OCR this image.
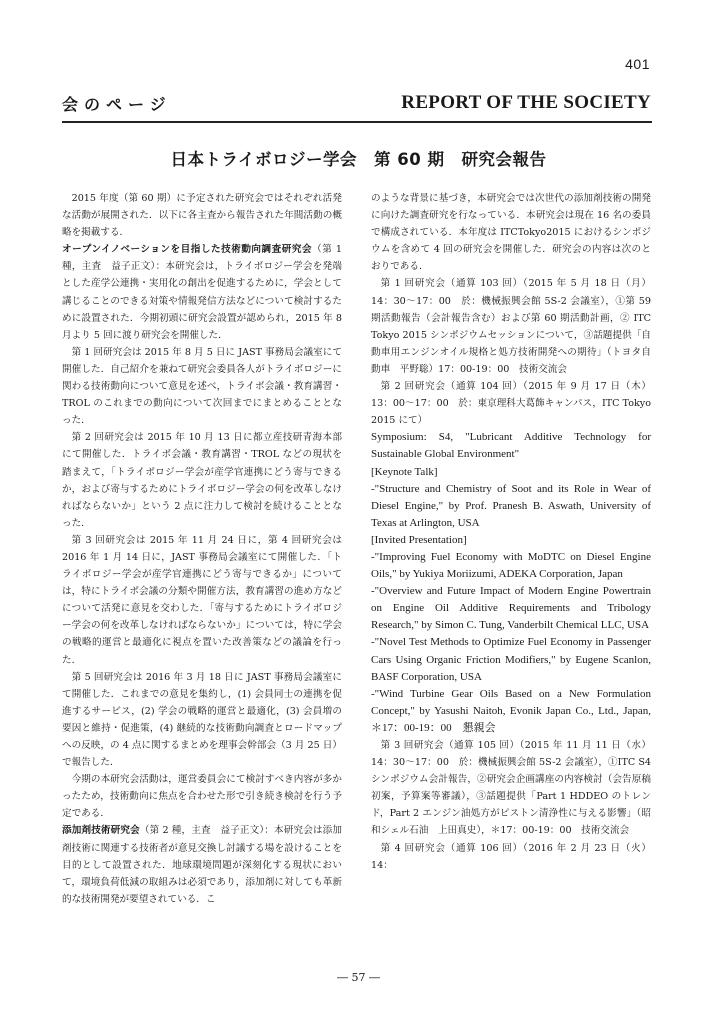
401
会のページ	REPORT OF THE SOCIETY
日本トライボロジー学会　第 60 期　研究会報告

2015 年度（第 60 期）に予定された研究会ではそれぞれ活発な活動が展開された．以下に各主査から報告された年間活動の概略を掲載する．

オープンイノベーションを目指した技術動向調査研究会（第 1 種，主査　益子正文）：本研究会は，トライボロジー学会を発端とした産学公連携・実用化の創出を促進するために，学会として講じることのできる対策や情報発信方法などについて検討するために設置された．今期初頭に研究会設置が認められ，2015 年 8 月より 5 回に渡り研究会を開催した．

第 1 回研究会は 2015 年 8 月 5 日に JAST 事務局会議室にて開催した．自己紹介を兼ねて研究会委員各人がトライボロジーに関わる技術動向について意見を述べ，トライボ会議・教育講習・TROL のこれまでの動向について次回までにまとめることとなった．

第 2 回研究会は 2015 年 10 月 13 日に都立産技研青海本部にて開催した．トライボ会議・教育講習・TROL などの現状を踏まえて，「トライボロジー学会が産学官連携にどう寄与できるか，および寄与するためにトライボロジー学会の何を改革しなければならないか」という 2 点に注力して検討を続けることとなった．

第 3 回研究会は 2015 年 11 月 24 日に，第 4 回研究会は 2016 年 1 月 14 日に，JAST 事務局会議室にて開催した．「トライボロジー学会が産学官連携にどう寄与できるか」については，特にトライボ会議の分類や開催方法，教育講習の進め方などについて活発に意見を交わした．「寄与するためにトライボロジー学会の何を改革しなければならないか」については，特に学会の戦略的運営と最適化に視点を置いた改善策などの議論を行った．

第 5 回研究会は 2016 年 3 月 18 日に JAST 事務局会議室にて開催した．これまでの意見を集約し，(1) 会員同士の連携を促進するサービス，(2) 学会の戦略的運営と最適化，(3) 会員増の要因と維持・促進策，(4) 継続的な技術動向調査とロードマップへの反映，の 4 点に関するまとめを理事会幹部会（3 月 25 日）で報告した．

今期の本研究会活動は，運営委員会にて検討すべき内容が多かったため，技術動向に焦点を合わせた形で引き続き検討を行う予定である．

添加剤技術研究会（第 2 種，主査　益子正文）：本研究会は添加剤技術に関連する技術者が意見交換し討議する場を設けることを目的として設置された．地球環境問題が深刻化する現状において，環境負荷低減の取組みは必須であり，添加剤に対しても革新的な技術開発が要望されている．こ

のような背景に基づき，本研究会では次世代の添加剤技術の開発に向けた調査研究を行なっている．本研究会は現在 16 名の委員で構成されている．本年度は ITCTokyo2015 におけるシンポジウムを含めて 4 回の研究会を開催した．研究会の内容は次のとおりである．

第 1 回研究会（通算 103 回）（2015 年 5 月 18 日（月）14：30～17：00　於：機械振興会館 5S-2 会議室），①第 59 期活動報告（会計報告含む）および第 60 期活動計画，② ITC Tokyo 2015 シンポジウムセッションについて，③話題提供「自動車用エンジンオイル規格と処方技術開発への期待」（トヨタ自動車　平野聡）17：00-19：00　技術交流会

第 2 回研究会（通算 104 回）（2015 年 9 月 17 日（木）13：00～17：00　於：東京理科大葛飾キャンパス，ITC Tokyo 2015 にて）

Symposium: S4, "Lubricant Additive Technology for Sustainable Global Environment"

[Keynote Talk]

-"Structure and Chemistry of Soot and its Role in Wear of Diesel Engine," by Prof. Pranesh B. Aswath, University of Texas at Arlington, USA

[Invited Presentation]

-"Improving Fuel Economy with MoDTC on Diesel Engine Oils," by Yukiya Moriizumi, ADEKA Corporation, Japan

-"Overview and Future Impact of Modern Engine Powertrain on Engine Oil Additive Requirements and Tribology Research," by Simon C. Tung, Vanderbilt Chemical LLC, USA

-"Novel Test Methods to Optimize Fuel Economy in Passenger Cars Using Organic Friction Modifiers," by Eugene Scanlon, BASF Corporation, USA

-"Wind Turbine Gear Oils Based on a New Formulation Concept," by Yasushi Naitoh, Evonik Japan Co., Ltd., Japan, ＊17：00-19：00　懇親会

第 3 回研究会（通算 105 回）（2015 年 11 月 11 日（水）14：30～17：00　於：機械振興会館 5S-2 会議室），①ITC S4 シンポジウム会計報告，②研究会企画講座の内容検討（会告原稿初案，予算案等審議），③話題提供「Part 1 HDDEO のトレンド，Part 2 エンジン油処方がピストン清浄性に与える影響」（昭和シェル石油　上田真史），＊17：00-19：00　技術交流会

第 4 回研究会（通算 106 回）（2016 年 2 月 23 日（火）14：

― 57 ―
